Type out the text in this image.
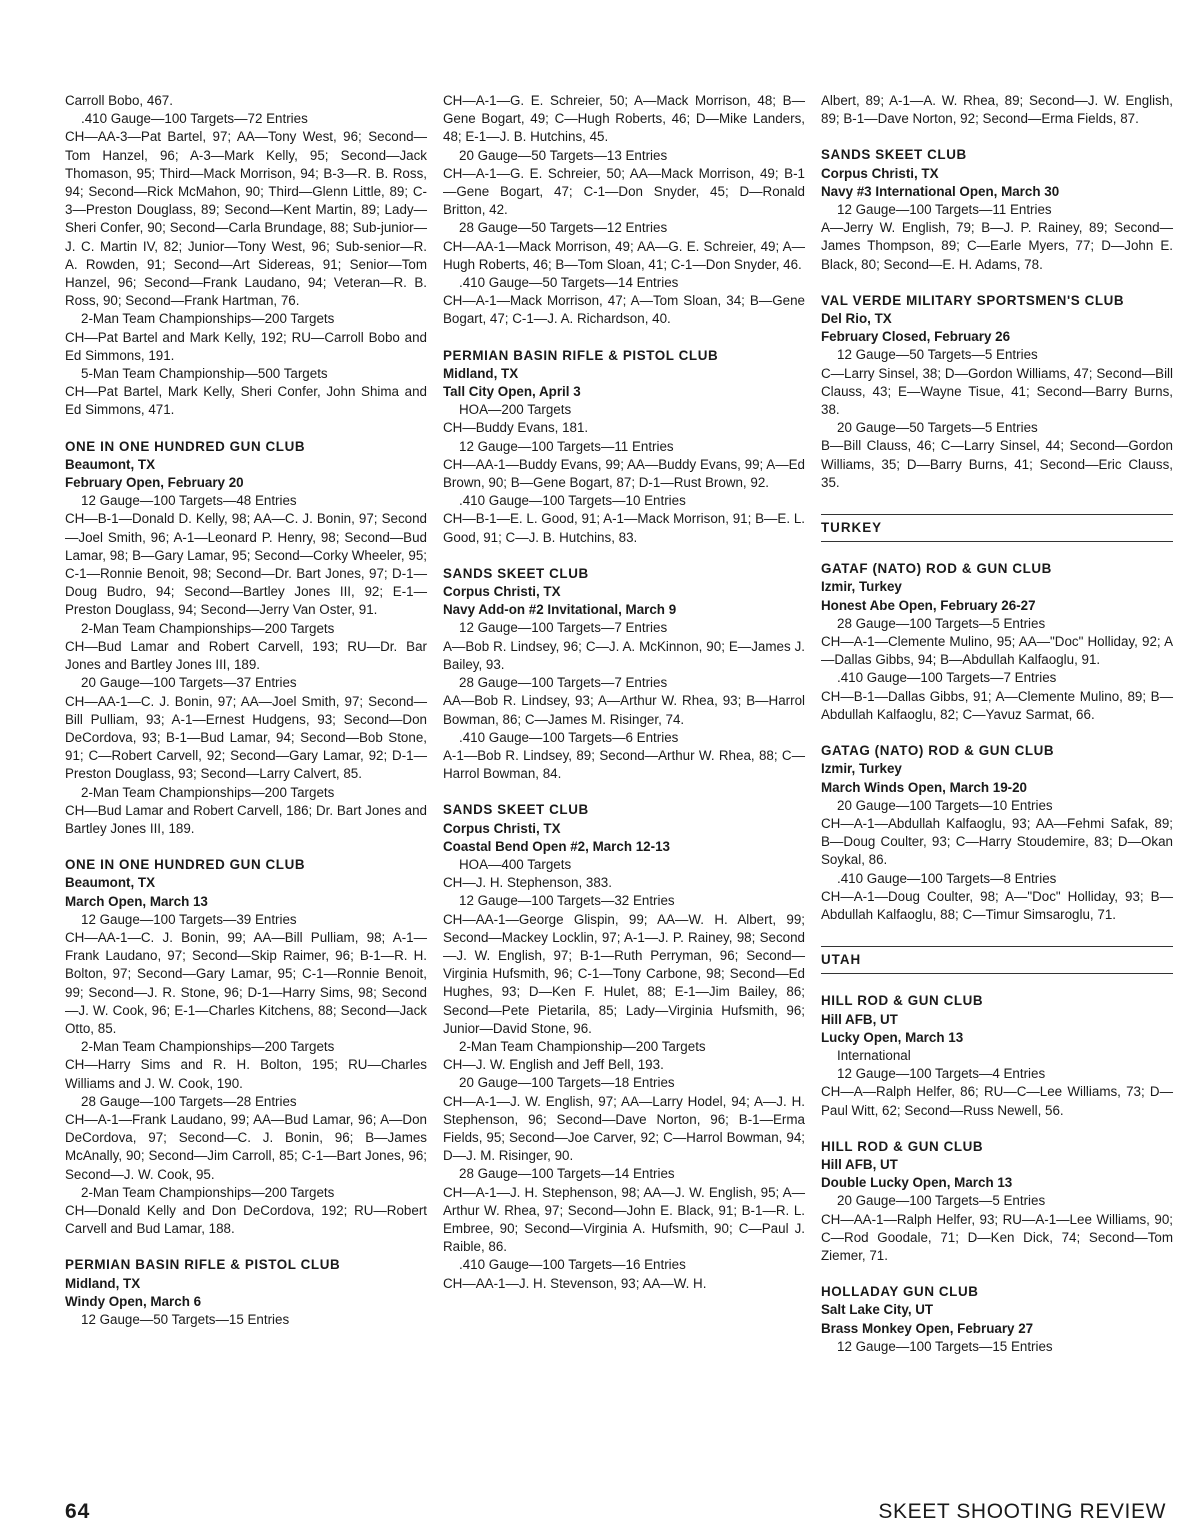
Carroll Bobo, 467.
.410 Gauge—100 Targets—72 Entries
CH—AA-3—Pat Bartel, 97; AA—Tony West, 96; Second—Tom Hanzel, 96; A-3—Mark Kelly, 95; Second—Jack Thomason, 95; Third—Mack Morrison, 94; B-3—R. B. Ross, 94; Second—Rick McMahon, 90; Third—Glenn Little, 89; C-3—Preston Douglass, 89; Second—Kent Martin, 89; Lady—Sheri Confer, 90; Second—Carla Brundage, 88; Sub-junior—J. C. Martin IV, 82; Junior—Tony West, 96; Sub-senior—R. A. Rowden, 91; Second—Art Sidereas, 91; Senior—Tom Hanzel, 96; Second—Frank Laudano, 94; Veteran—R. B. Ross, 90; Second—Frank Hartman, 76.
2-Man Team Championships—200 Targets
CH—Pat Bartel and Mark Kelly, 192; RU—Carroll Bobo and Ed Simmons, 191.
5-Man Team Championship—500 Targets
CH—Pat Bartel, Mark Kelly, Sheri Confer, John Shima and Ed Simmons, 471.
ONE IN ONE HUNDRED GUN CLUB
Beaumont, TX
February Open, February 20
12 Gauge—100 Targets—48 Entries
CH—B-1—Donald D. Kelly, 98; AA—C. J. Bonin, 97; Second—Joel Smith, 96; A-1—Leonard P. Henry, 98; Second—Bud Lamar, 98; B—Gary Lamar, 95; Second—Corky Wheeler, 95; C-1—Ronnie Benoit, 98; Second—Dr. Bart Jones, 97; D-1—Doug Budro, 94; Second—Bartley Jones III, 92; E-1—Preston Douglass, 94; Second—Jerry Van Oster, 91.
2-Man Team Championships—200 Targets
CH—Bud Lamar and Robert Carvell, 193; RU—Dr. Bar Jones and Bartley Jones III, 189.
20 Gauge—100 Targets—37 Entries
CH—AA-1—C. J. Bonin, 97; AA—Joel Smith, 97; Second—Bill Pulliam, 93; A-1—Ernest Hudgens, 93; Second—Don DeCordova, 93; B-1—Bud Lamar, 94; Second—Bob Stone, 91; C—Robert Carvell, 92; Second—Gary Lamar, 92; D-1—Preston Douglass, 93; Second—Larry Calvert, 85.
2-Man Team Championships—200 Targets
CH—Bud Lamar and Robert Carvell, 186; Dr. Bart Jones and Bartley Jones III, 189.
ONE IN ONE HUNDRED GUN CLUB
Beaumont, TX
March Open, March 13
12 Gauge—100 Targets—39 Entries
CH—AA-1—C. J. Bonin, 99; AA—Bill Pulliam, 98; A-1—Frank Laudano, 97; Second—Skip Raimer, 96; B-1—R. H. Bolton, 97; Second—Gary Lamar, 95; C-1—Ronnie Benoit, 99; Second—J. R. Stone, 96; D-1—Harry Sims, 98; Second—J. W. Cook, 96; E-1—Charles Kitchens, 88; Second—Jack Otto, 85.
2-Man Team Championships—200 Targets
CH—Harry Sims and R. H. Bolton, 195; RU—Charles Williams and J. W. Cook, 190.
28 Gauge—100 Targets—28 Entries
CH—A-1—Frank Laudano, 99; AA—Bud Lamar, 96; A—Don DeCordova, 97; Second—C. J. Bonin, 96; B—James McAnally, 90; Second—Jim Carroll, 85; C-1—Bart Jones, 96; Second—J. W. Cook, 95.
2-Man Team Championships—200 Targets
CH—Donald Kelly and Don DeCordova, 192; RU—Robert Carvell and Bud Lamar, 188.
PERMIAN BASIN RIFLE & PISTOL CLUB
Midland, TX
Windy Open, March 6
12 Gauge—50 Targets—15 Entries
CH—A-1—G. E. Schreier, 50; A—Mack Morrison, 48; B—Gene Bogart, 49; C—Hugh Roberts, 46; D—Mike Landers, 48; E-1—J. B. Hutchins, 45.
20 Gauge—50 Targets—13 Entries
CH—A-1—G. E. Schreier, 50; AA—Mack Morrison, 49; B-1—Gene Bogart, 47; C-1—Don Snyder, 45; D—Ronald Britton, 42.
28 Gauge—50 Targets—12 Entries
CH—AA-1—Mack Morrison, 49; AA—G. E. Schreier, 49; A—Hugh Roberts, 46; B—Tom Sloan, 41; C-1—Don Snyder, 46.
.410 Gauge—50 Targets—14 Entries
CH—A-1—Mack Morrison, 47; A—Tom Sloan, 34; B—Gene Bogart, 47; C-1—J. A. Richardson, 40.
PERMIAN BASIN RIFLE & PISTOL CLUB
Midland, TX
Tall City Open, April 3
HOA—200 Targets
CH—Buddy Evans, 181.
12 Gauge—100 Targets—11 Entries
CH—AA-1—Buddy Evans, 99; AA—Buddy Evans, 99; A—Ed Brown, 90; B—Gene Bogart, 87; D-1—Rust Brown, 92.
.410 Gauge—100 Targets—10 Entries
CH—B-1—E. L. Good, 91; A-1—Mack Morrison, 91; B—E. L. Good, 91; C—J. B. Hutchins, 83.
SANDS SKEET CLUB
Corpus Christi, TX
Navy Add-on #2 Invitational, March 9
12 Gauge—100 Targets—7 Entries
A—Bob R. Lindsey, 96; C—J. A. McKinnon, 90; E—James J. Bailey, 93.
28 Gauge—100 Targets—7 Entries
AA—Bob R. Lindsey, 93; A—Arthur W. Rhea, 93; B—Harrol Bowman, 86; C—James M. Risinger, 74.
.410 Gauge—100 Targets—6 Entries
A-1—Bob R. Lindsey, 89; Second—Arthur W. Rhea, 88; C—Harrol Bowman, 84.
SANDS SKEET CLUB
Corpus Christi, TX
Coastal Bend Open #2, March 12-13
HOA—400 Targets
CH—J. H. Stephenson, 383.
12 Gauge—100 Targets—32 Entries
CH—AA-1—George Glispin, 99; AA—W. H. Albert, 99; Second—Mackey Locklin, 97; A-1—J. P. Rainey, 98; Second—J. W. English, 97; B-1—Ruth Perryman, 96; Second—Virginia Hufsmith, 96; C-1—Tony Carbone, 98; Second—Ed Hughes, 93; D—Ken F. Hulet, 88; E-1—Jim Bailey, 86; Second—Pete Pietarila, 85; Lady—Virginia Hufsmith, 96; Junior—David Stone, 96.
2-Man Team Championship—200 Targets
CH—J. W. English and Jeff Bell, 193.
20 Gauge—100 Targets—18 Entries
CH—A-1—J. W. English, 97; AA—Larry Hodel, 94; A—J. H. Stephenson, 96; Second—Dave Norton, 96; B-1—Erma Fields, 95; Second—Joe Carver, 92; C—Harrol Bowman, 94; D—J. M. Risinger, 90.
28 Gauge—100 Targets—14 Entries
CH—A-1—J. H. Stephenson, 98; AA—J. W. English, 95; A—Arthur W. Rhea, 97; Second—John E. Black, 91; B-1—R. L. Embree, 90; Second—Virginia A. Hufsmith, 90; C—Paul J. Raible, 86.
.410 Gauge—100 Targets—16 Entries
CH—AA-1—J. H. Stevenson, 93; AA—W. H.
Albert, 89; A-1—A. W. Rhea, 89; Second—J. W. English, 89; B-1—Dave Norton, 92; Second—Erma Fields, 87.
SANDS SKEET CLUB
Corpus Christi, TX
Navy #3 International Open, March 30
12 Gauge—100 Targets—11 Entries
A—Jerry W. English, 79; B—J. P. Rainey, 89; Second—James Thompson, 89; C—Earle Myers, 77; D—John E. Black, 80; Second—E. H. Adams, 78.
VAL VERDE MILITARY SPORTSMEN'S CLUB
Del Rio, TX
February Closed, February 26
12 Gauge—50 Targets—5 Entries
C—Larry Sinsel, 38; D—Gordon Williams, 47; Second—Bill Clauss, 43; E—Wayne Tisue, 41; Second—Barry Burns, 38.
20 Gauge—50 Targets—5 Entries
B—Bill Clauss, 46; C—Larry Sinsel, 44; Second—Gordon Williams, 35; D—Barry Burns, 41; Second—Eric Clauss, 35.
TURKEY
GATAF (NATO) ROD & GUN CLUB
Izmir, Turkey
Honest Abe Open, February 26-27
28 Gauge—100 Targets—5 Entries
CH—A-1—Clemente Mulino, 95; AA—"Doc" Holliday, 92; A—Dallas Gibbs, 94; B—Abdullah Kalfaoglu, 91.
.410 Gauge—100 Targets—7 Entries
CH—B-1—Dallas Gibbs, 91; A—Clemente Mulino, 89; B—Abdullah Kalfaoglu, 82; C—Yavuz Sarmat, 66.
GATAG (NATO) ROD & GUN CLUB
Izmir, Turkey
March Winds Open, March 19-20
20 Gauge—100 Targets—10 Entries
CH—A-1—Abdullah Kalfaoglu, 93; AA—Fehmi Safak, 89; B—Doug Coulter, 93; C—Harry Stoudemire, 83; D—Okan Soykal, 86.
.410 Gauge—100 Targets—8 Entries
CH—A-1—Doug Coulter, 98; A—"Doc" Holliday, 93; B—Abdullah Kalfaoglu, 88; C—Timur Simsaroglu, 71.
UTAH
HILL ROD & GUN CLUB
Hill AFB, UT
Lucky Open, March 13
International
12 Gauge—100 Targets—4 Entries
CH—A—Ralph Helfer, 86; RU—C—Lee Williams, 73; D—Paul Witt, 62; Second—Russ Newell, 56.
HILL ROD & GUN CLUB
Hill AFB, UT
Double Lucky Open, March 13
20 Gauge—100 Targets—5 Entries
CH—AA-1—Ralph Helfer, 93; RU—A-1—Lee Williams, 90; C—Rod Goodale, 71; D—Ken Dick, 74; Second—Tom Ziemer, 71.
HOLLADAY GUN CLUB
Salt Lake City, UT
Brass Monkey Open, February 27
12 Gauge—100 Targets—15 Entries
64	SKEET SHOOTING REVIEW
